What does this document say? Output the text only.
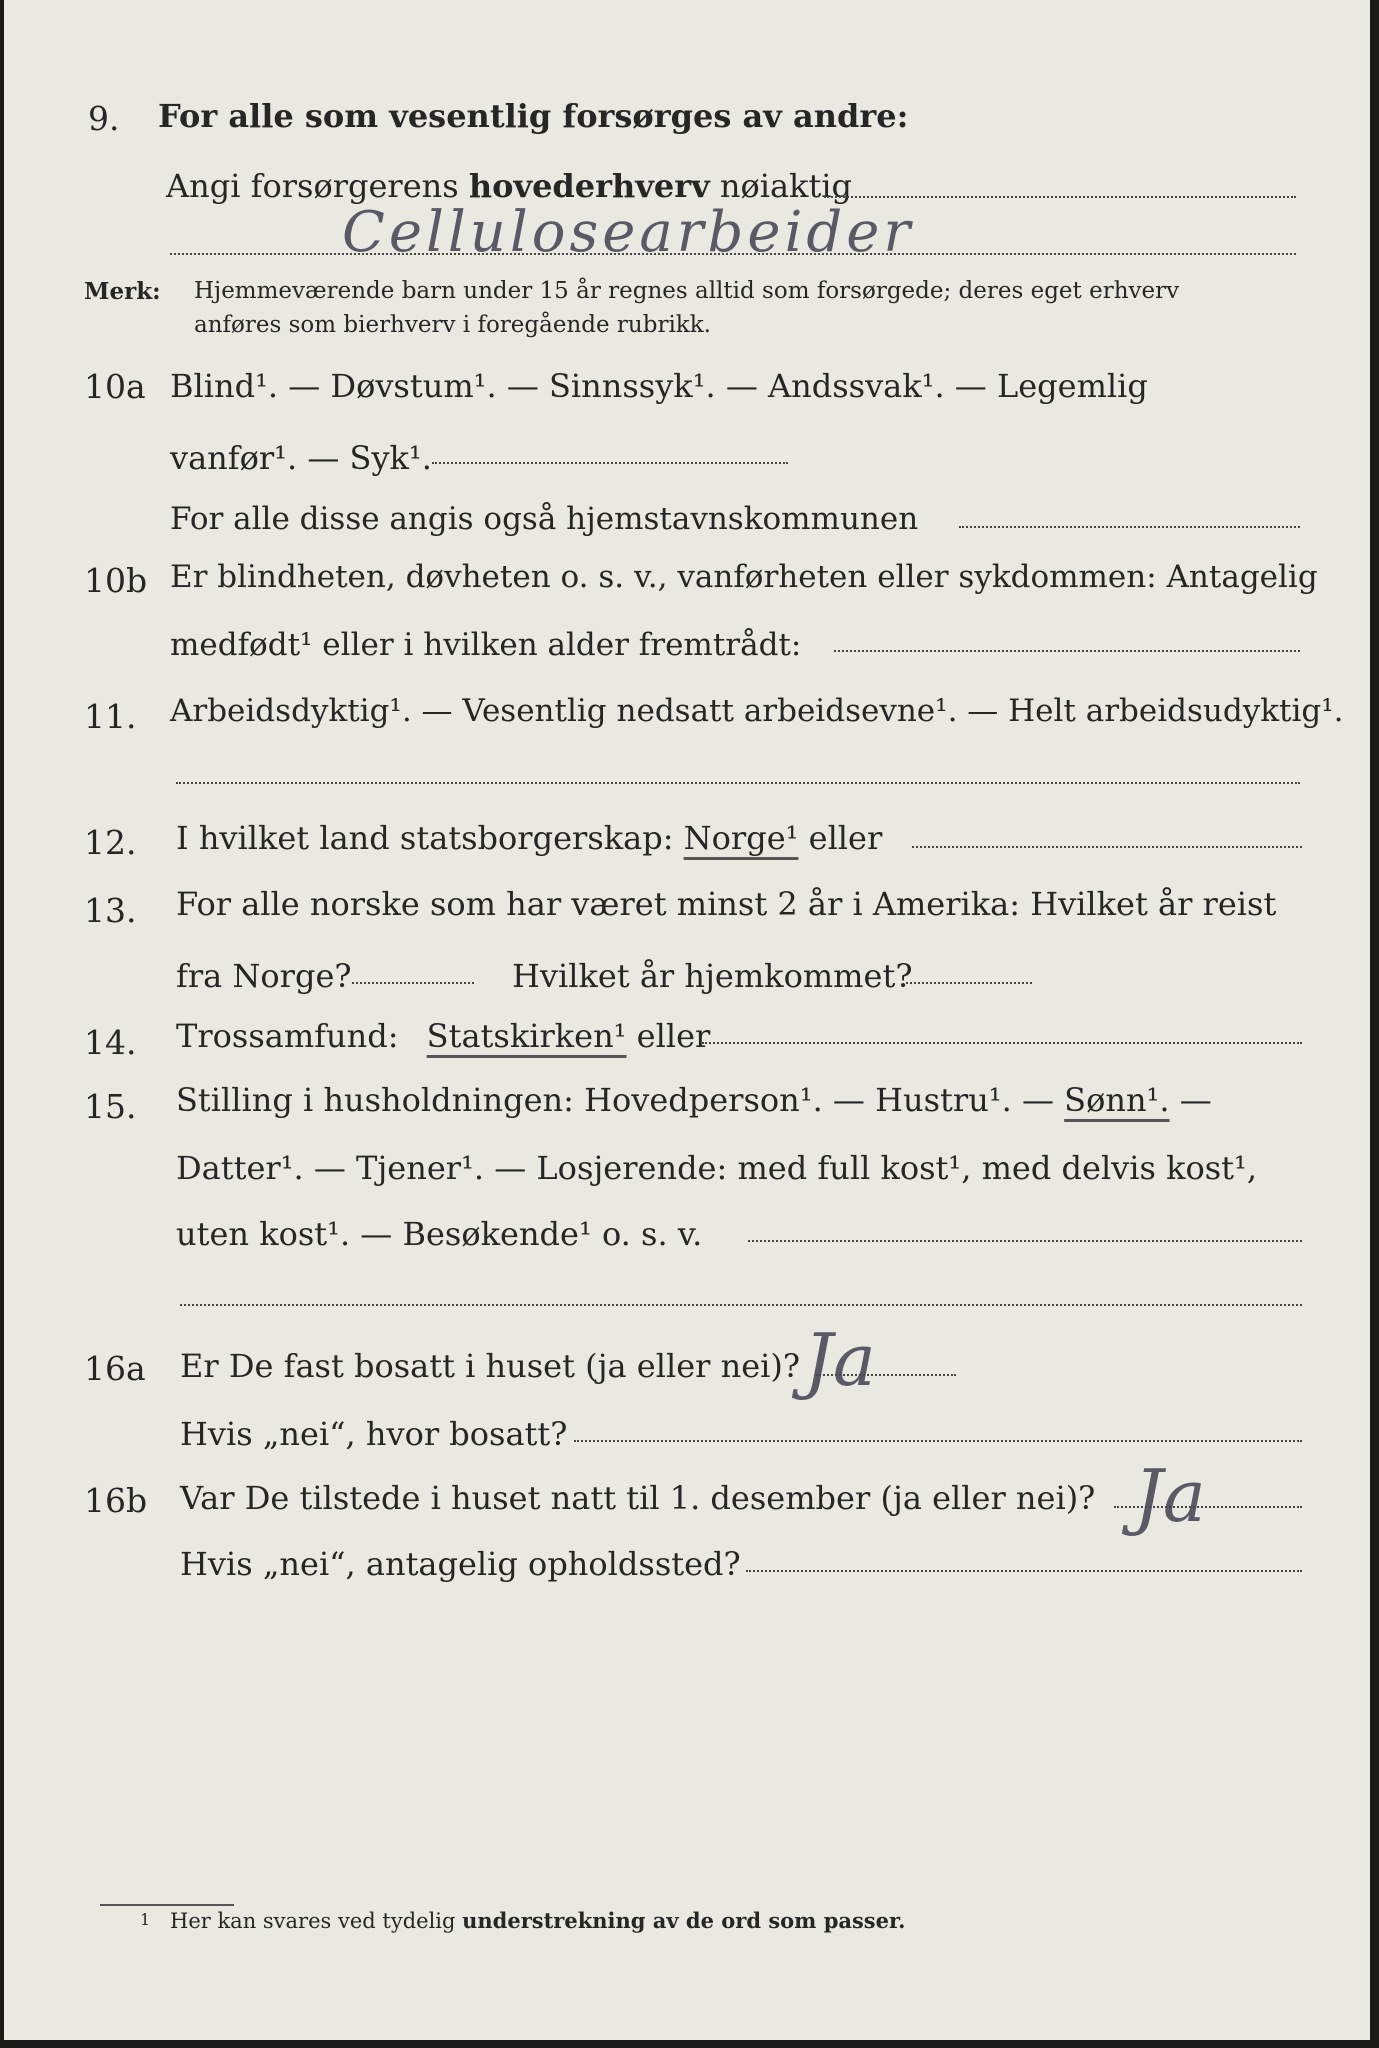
9. For alle som vesentlig forsørges av andre:
Angi forsørgerens hovederhverv nøiaktig
Cellulosearbeider
Merk: Hjemmeværende barn under 15 år regnes alltid som forsørgede; deres eget erhverv
anføres som bierhverv i foregående rubrikk.
10a Blind¹. — Døvstum¹. — Sinnssyk¹. — Andssvak¹. — Legemlig
vanfør¹. — Syk¹.
For alle disse angis også hjemstavnskommunen
10b Er blindheten, døvheten o. s. v., vanførheten eller sykdommen: Antagelig
medfødt¹ eller i hvilken alder fremtrådt:
11. Arbeidsdyktig¹. — Vesentlig nedsatt arbeidsevne¹. — Helt arbeidsudyktig¹.
12. I hvilket land statsborgerskap: Norge¹ eller
13. For alle norske som har været minst 2 år i Amerika: Hvilket år reist
fra Norge?	Hvilket år hjemkommet?
14. Trossamfund: Statskirken¹ eller
15. Stilling i husholdningen: Hovedperson¹. — Hustru¹. — Sønn¹. —
Datter¹. — Tjener¹. — Losjerende: med full kost¹, med delvis kost¹,
uten kost¹. — Besøkende¹ o. s. v.
16a Er De fast bosatt i huset (ja eller nei)? Ja
Hvis „nei“, hvor bosatt?
16b Var De tilstede i huset natt til 1. desember (ja eller nei)? Ja
Hvis „nei“, antagelig opholdssted?
1 Her kan svares ved tydelig understrekning av de ord som passer.
